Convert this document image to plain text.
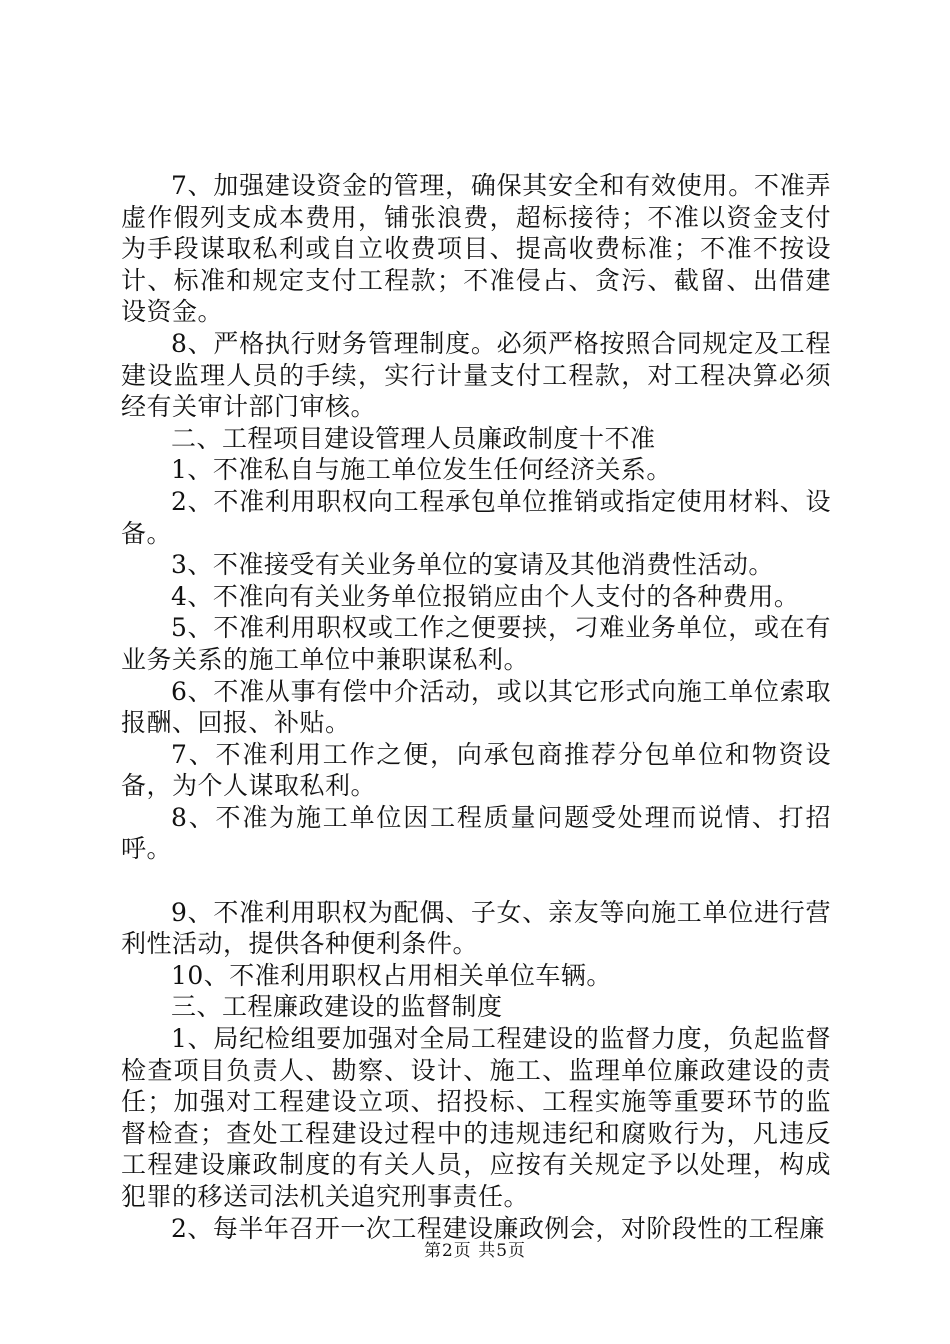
7、加强建设资金的管理，确保其安全和有效使用。不准弄虚作假列支成本费用，铺张浪费，超标接待；不准以资金支付为手段谋取私利或自立收费项目、提高收费标准；不准不按设计、标准和规定支付工程款；不准侵占、贪污、截留、出借建设资金。

8、严格执行财务管理制度。必须严格按照合同规定及工程建设监理人员的手续，实行计量支付工程款，对工程决算必须经有关审计部门审核。

二、工程项目建设管理人员廉政制度十不准

1、不准私自与施工单位发生任何经济关系。

2、不准利用职权向工程承包单位推销或指定使用材料、设备。

3、不准接受有关业务单位的宴请及其他消费性活动。

4、不准向有关业务单位报销应由个人支付的各种费用。

5、不准利用职权或工作之便要挟，刁难业务单位，或在有业务关系的施工单位中兼职谋私利。

6、不准从事有偿中介活动，或以其它形式向施工单位索取报酬、回报、补贴。

7、不准利用工作之便，向承包商推荐分包单位和物资设备，为个人谋取私利。

8、不准为施工单位因工程质量问题受处理而说情、打招呼。

9、不准利用职权为配偶、子女、亲友等向施工单位进行营利性活动，提供各种便利条件。

10、不准利用职权占用相关单位车辆。

三、工程廉政建设的监督制度

1、局纪检组要加强对全局工程建设的监督力度，负起监督检查项目负责人、勘察、设计、施工、监理单位廉政建设的责任；加强对工程建设立项、招投标、工程实施等重要环节的监督检查；查处工程建设过程中的违规违纪和腐败行为，凡违反工程建设廉政制度的有关人员，应按有关规定予以处理，构成犯罪的移送司法机关追究刑事责任。

2、每半年召开一次工程建设廉政例会，对阶段性的工程廉

第2页 共5页
